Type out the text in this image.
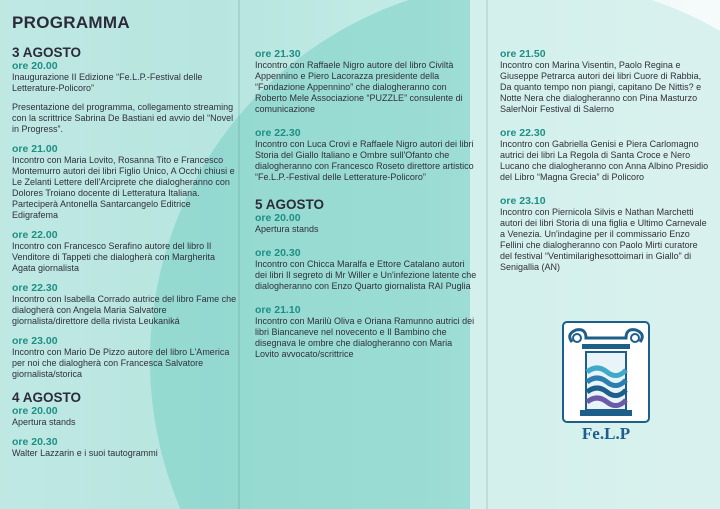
PROGRAMMA
3 AGOSTO
ore 20.00
Inaugurazione II Edizione “Fe.L.P.-Festival delle Letterature-Policoro”
Presentazione del programma, collegamento streaming con la scrittrice Sabrina De Bastiani ed avvio del “Novel in Progress”.
ore 21.00
Incontro con Maria Lovito, Rosanna Tito e Francesco Montemurro autori dei libri Figlio Unico, A Occhi chiusi e Le Zelanti Lettere dell'Arciprete che dialogheranno con Dolores Troiano docente di Letteratura Italiana. Parteciperà Antonella Santarcangelo Editrice Edigrafema
ore 22.00
Incontro con Francesco Serafino autore del libro Il Venditore di Tappeti che dialogherà con Margherita Agata giornalista
ore 22.30
Incontro con Isabella Corrado autrice del libro Fame che dialogherà con Angela Maria Salvatore giornalista/direttore della rivista Leukaniká
ore 23.00
Incontro con Mario De Pizzo autore del libro L'America per noi che dialogherà con Francesca Salvatore giornalista/storica
4 AGOSTO
ore 20.00
Apertura stands
ore 20.30
Walter Lazzarin e i suoi tautogrammi
ore 21.30
Incontro con Raffaele Nigro autore del libro Civiltà Appennino e Piero Lacorazza presidente della “Fondazione Appennino” che dialogheranno con Roberto Mele Associazione “PUZZLE” consulente di comunicazione
ore 22.30
Incontro con Luca Crovi e Raffaele Nigro autori dei libri Storia del Giallo Italiano e Ombre sull'Ofanto che dialogheranno con Francesco Roseto direttore artistico “Fe.L.P.-Festival delle Letterature-Policoro”
5 AGOSTO
ore 20.00
Apertura stands
ore 20.30
Incontro con Chicca Maralfa e Ettore Catalano autori dei libri Il segreto di Mr Willer e Un'infezione latente che dialogheranno con Enzo Quarto giornalista RAI Puglia
ore 21.10
Incontro con Marilù Oliva e Oriana Ramunno autrici dei libri Biancaneve nel novecento e Il Bambino che disegnava le ombre che dialogheranno con Maria Lovito avvocato/scrittrice
ore 21.50
Incontro con Marina Visentin, Paolo Regina e Giuseppe Petrarca autori dei libri Cuore di Rabbia, Da quanto tempo non piangi, capitano De Nittis? e Notte Nera che dialogheranno con Pina Masturzo SalerNoir Festival di Salerno
ore 22.30
Incontro con Gabriella Genisi e Piera Carlomagno autrici dei libri La Regola di Santa Croce e Nero Lucano che dialogheranno con Anna Albino Presidio del Libro “Magna Grecia” di Policoro
ore 23.10
Incontro con Piernicola Silvis e Nathan Marchetti autori dei libri Storia di una figlia e Ultimo Carnevale a Venezia. Un'indagine per il commissario Enzo Fellini che dialogheranno con Paolo Mirti curatore del festival “Ventimilarighesottoimari in Giallo” di Senigallia (AN)
Fe.L.P
